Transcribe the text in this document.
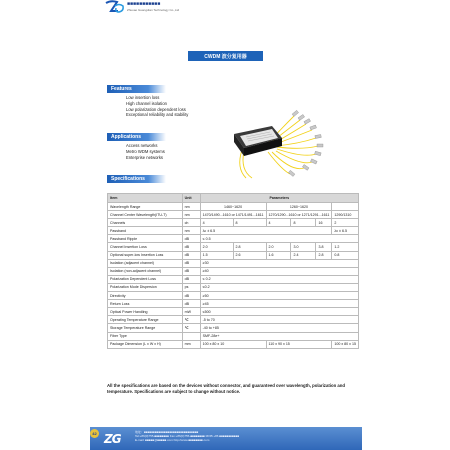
■■■■■■■■■■■
Zhuoao Guangdian Technology Co.,Ltd
CWDM 波分复用器
Features
Low insertion loss
High channel isolation
Low polarization dependent loss
Exceptional reliability and stability
Applications
Access networks
Metro WDM systems
Enterprise networks
Specifications
Item	Unit	Parameters					
Wavelength Range	nm	1460~1620		1260~1620			
Channel Center Wavelength(ITU-T)	nm	1470/1490...1610 or 1471/1491...1611		1270/1290...1610 or 1271/1291...1611			1290/1310
Channels	ch	4	8	4	8	16	2
Passband	nm	λc ± 6.5					λc ± 6.5
Passband Ripple	dB	≤ 0.5					
Channel Insertion Loss	dB	2.0	2.8	2.0	3.0	3.8	1.2
Optional super-low Insertion Loss	dB	1.5	2.6	1.6	2.4	2.8	0.8
Isolation (adjacent channel)	dB	≥30					
Isolation (non-adjacent channel)	dB	≥40					
Polarization Dependent Loss	dB	≤ 0.2					
Polarization Mode Dispersion	ps	≤0.2					
Directivity	dB	≥50					
Return Loss	dB	≥45					
Optical Power Handling	mW	≤500					
Operating Temperature Range	℃	-5 to 70					
Storage Temperature Range	℃	-40 to +85					
Fiber Type		SMF-28e+					
Package Dimension (L x W x H)	mm	100 x 80 x 10		110 x 90 x 15			100 x 80 x 15
All the specifications are based on the devices without connector, and guaranteed over wavelength, polarization and temperature. Specifications are subject to change without notice.
42 ZG	地址：■■■■■■■■■■■■■■■■■■■■■■■■■■■■■■
Tel:+86(0)755-■■■■■■■■ Fax:+86(0)755-■■■■■■■■ MOB:+86 ■■■■■■■■■■■
E-mail: ■■■■■@■■■■■.com http://www.■■■■■■■■.com
